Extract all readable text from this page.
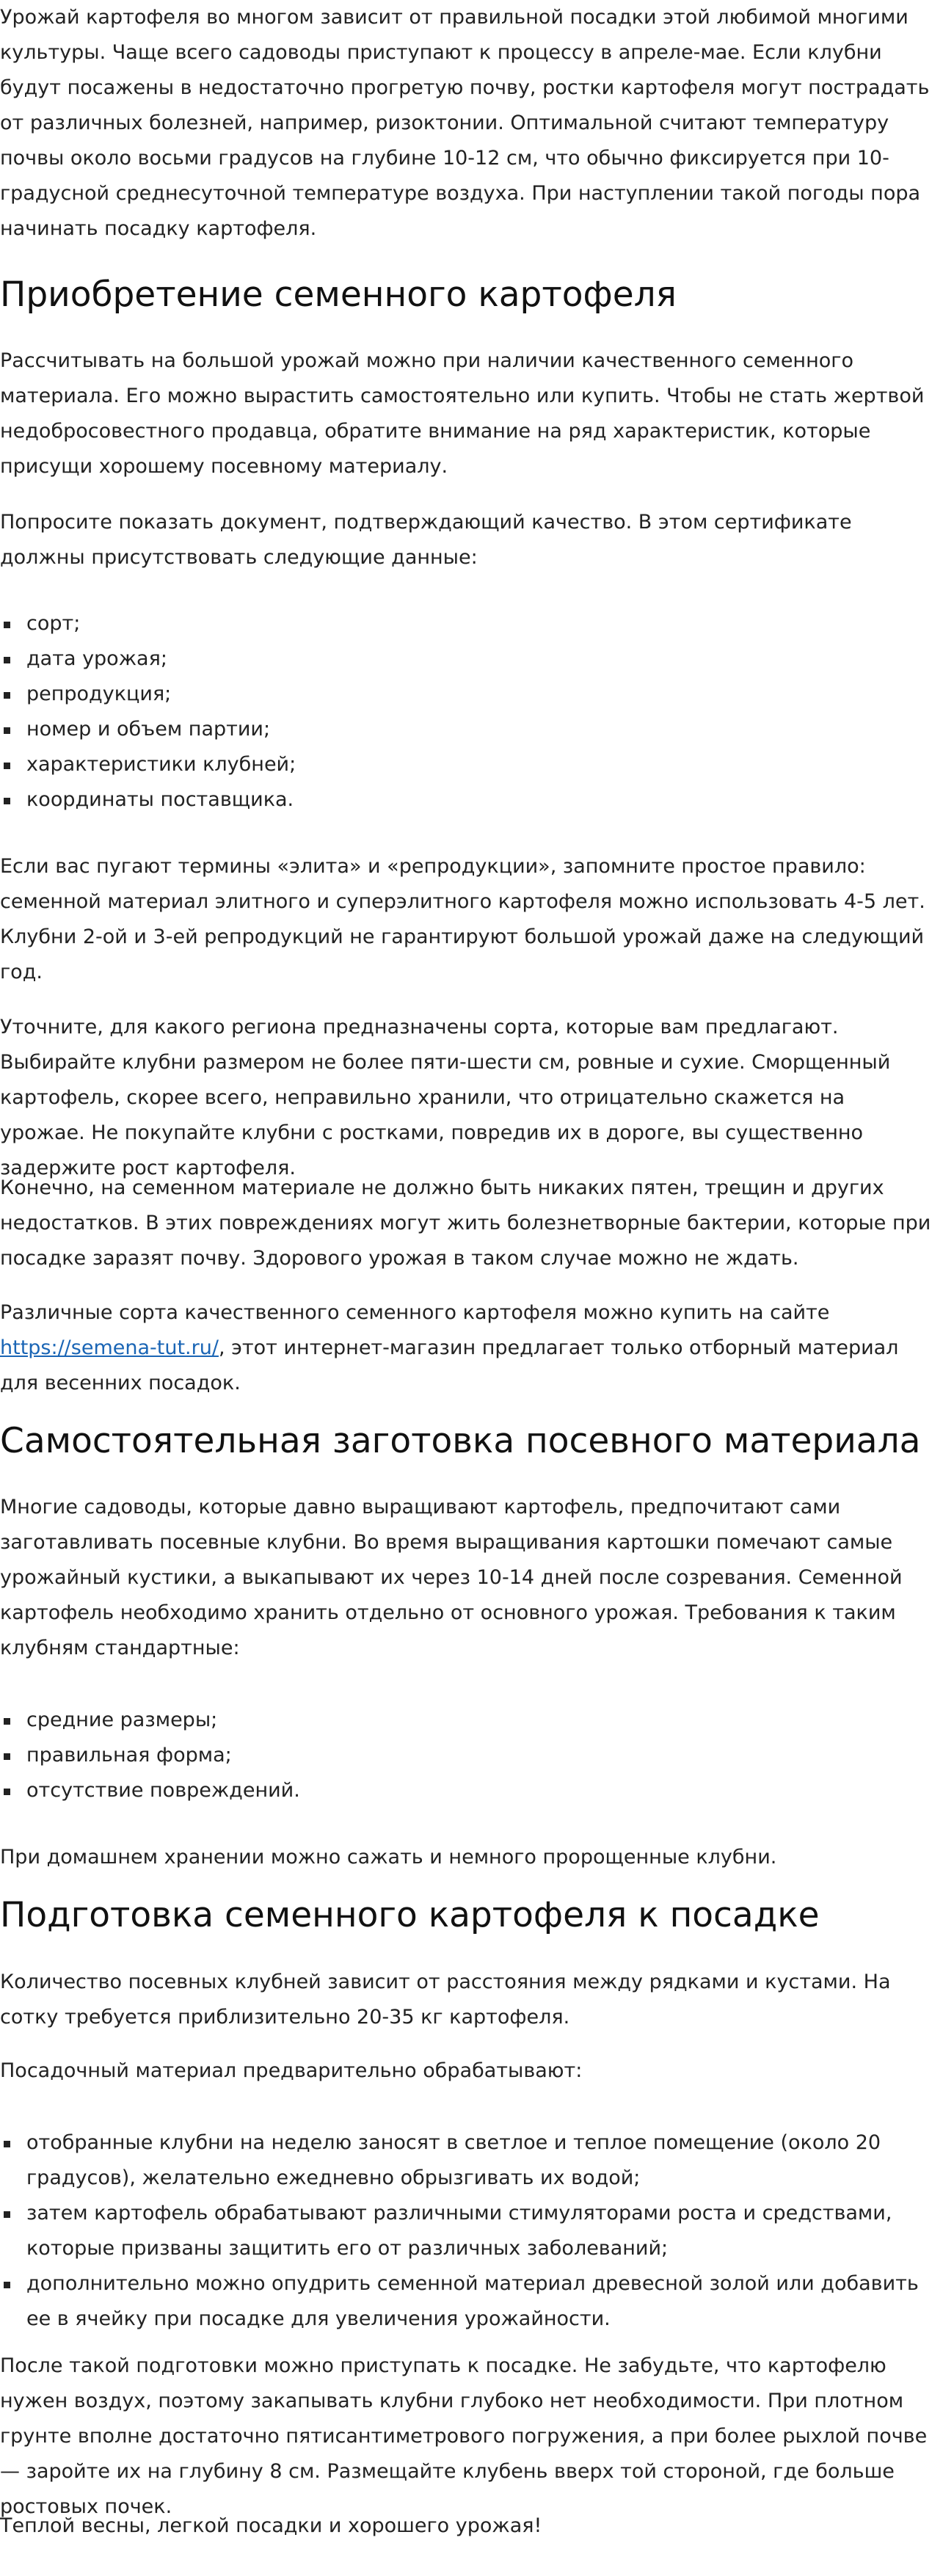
Урожай картофеля во многом зависит от правильной посадки этой любимой многими культуры. Чаще всего садоводы приступают к процессу в апреле-мае. Если клубни будут посажены в недостаточно прогретую почву, ростки картофеля могут пострадать от различных болезней, например, ризоктонии. Оптимальной считают температуру почвы около восьми градусов на глубине 10-12 см, что обычно фиксируется при 10-градусной среднесуточной температуре воздуха. При наступлении такой погоды пора начинать посадку картофеля.

Приобретение семенного картофеля

Рассчитывать на большой урожай можно при наличии качественного семенного материала. Его можно вырастить самостоятельно или купить. Чтобы не стать жертвой недобросовестного продавца, обратите внимание на ряд характеристик, которые присущи хорошему посевному материалу.

Попросите показать документ, подтверждающий качество. В этом сертификате должны присутствовать следующие данные:

сорт;
дата урожая;
репродукция;
номер и объем партии;
характеристики клубней;
координаты поставщика.

Если вас пугают термины «элита» и «репродукции», запомните простое правило: семенной материал элитного и суперэлитного картофеля можно использовать 4-5 лет. Клубни 2-ой и 3-ей репродукций не гарантируют большой урожай даже на следующий год.

Уточните, для какого региона предназначены сорта, которые вам предлагают. Выбирайте клубни размером не более пяти-шести см, ровные и сухие. Сморщенный картофель, скорее всего, неправильно хранили, что отрицательно скажется на урожае. Не покупайте клубни с ростками, повредив их в дороге, вы существенно задержите рост картофеля.

Конечно, на семенном материале не должно быть никаких пятен, трещин и других недостатков. В этих повреждениях могут жить болезнетворные бактерии, которые при посадке заразят почву. Здорового урожая в таком случае можно не ждать.

Различные сорта качественного семенного картофеля можно купить на сайте https://semena-tut.ru/, этот интернет-магазин предлагает только отборный материал для весенних посадок.

Самостоятельная заготовка посевного материала

Многие садоводы, которые давно выращивают картофель, предпочитают сами заготавливать посевные клубни. Во время выращивания картошки помечают самые урожайный кустики, а выкапывают их через 10-14 дней после созревания. Семенной картофель необходимо хранить отдельно от основного урожая. Требования к таким клубням стандартные:

средние размеры;
правильная форма;
отсутствие повреждений.

При домашнем хранении можно сажать и немного пророщенные клубни.

Подготовка семенного картофеля к посадке

Количество посевных клубней зависит от расстояния между рядками и кустами. На сотку требуется приблизительно 20-35 кг картофеля.

Посадочный материал предварительно обрабатывают:

отобранные клубни на неделю заносят в светлое и теплое помещение (около 20 градусов), желательно ежедневно обрызгивать их водой;
затем картофель обрабатывают различными стимуляторами роста и средствами, которые призваны защитить его от различных заболеваний;
дополнительно можно опудрить семенной материал древесной золой или добавить ее в ячейку при посадке для увеличения урожайности.

После такой подготовки можно приступать к посадке. Не забудьте, что картофелю нужен воздух, поэтому закапывать клубни глубоко нет необходимости. При плотном грунте вполне достаточно пятисантиметрового погружения, а при более рыхлой почве — заройте их на глубину 8 см. Размещайте клубень вверх той стороной, где больше ростовых почек.

Теплой весны, легкой посадки и хорошего урожая!
